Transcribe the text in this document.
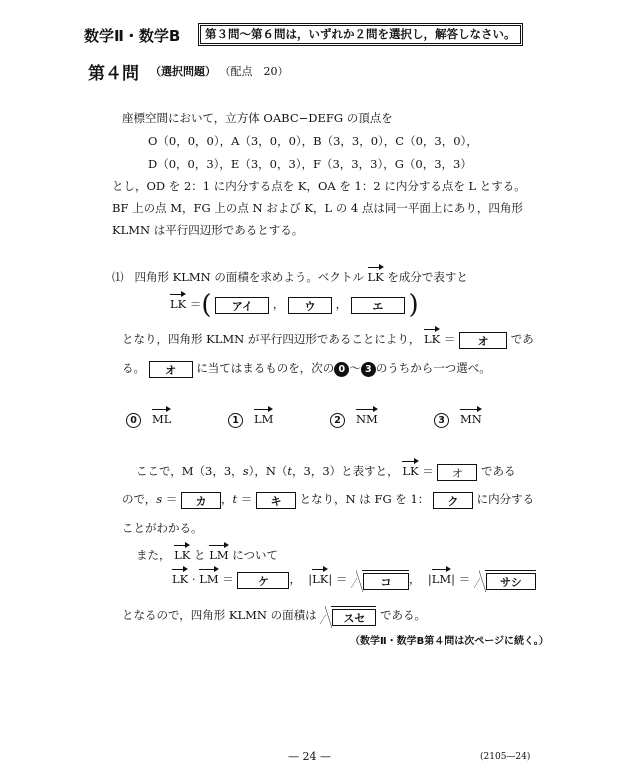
数学Ⅱ・数学B	第３問～第６問は，いずれか２問を選択し，解答しなさい。
第４問 （選択問題） （配点　20）
座標空間において，立方体 OABC−DEFG の頂点を
O（0，0，0），A（3，0，0），B（3，3，0），C（0，3，0），
D（0，0，3），E（3，0，3），F（3，3，3），G（0，3，3）
とし，OD を 2：1 に内分する点を K，OA を 1：2 に内分する点を L とする。
BF 上の点 M，FG 上の点 N および K，L の 4 点は同一平面上にあり，四角形
KLMN は平行四辺形であるとする。
⑴ 四角形 KLMN の面積を求めよう。ベクトル LK を成分で表すと
LK ＝( アイ ， ウ ， エ )
となり，四角形 KLMN が平行四辺形であることにより， LK ＝ オ であ
る。 オ に当てはまるものを，次の 0 ～ 3 のうちから一つ選べ。
0 ML	1 LM	2 NM	3 MN
ここで，M（3，3，s），N（t，3，3）と表すと， LK ＝ オ である
ので，s ＝ カ ，t ＝ キ となり，N は FG を 1： ク に内分する
ことがわかる。
また， LK と LM について
LK · LM ＝ ケ ，  |LK| ＝	コ ，  |LM| ＝	サシ
となるので，四角形 KLMN の面積は スセ である。
（数学Ⅱ・数学B第４問は次ページに続く。）
— 24 —	(2105—24)
